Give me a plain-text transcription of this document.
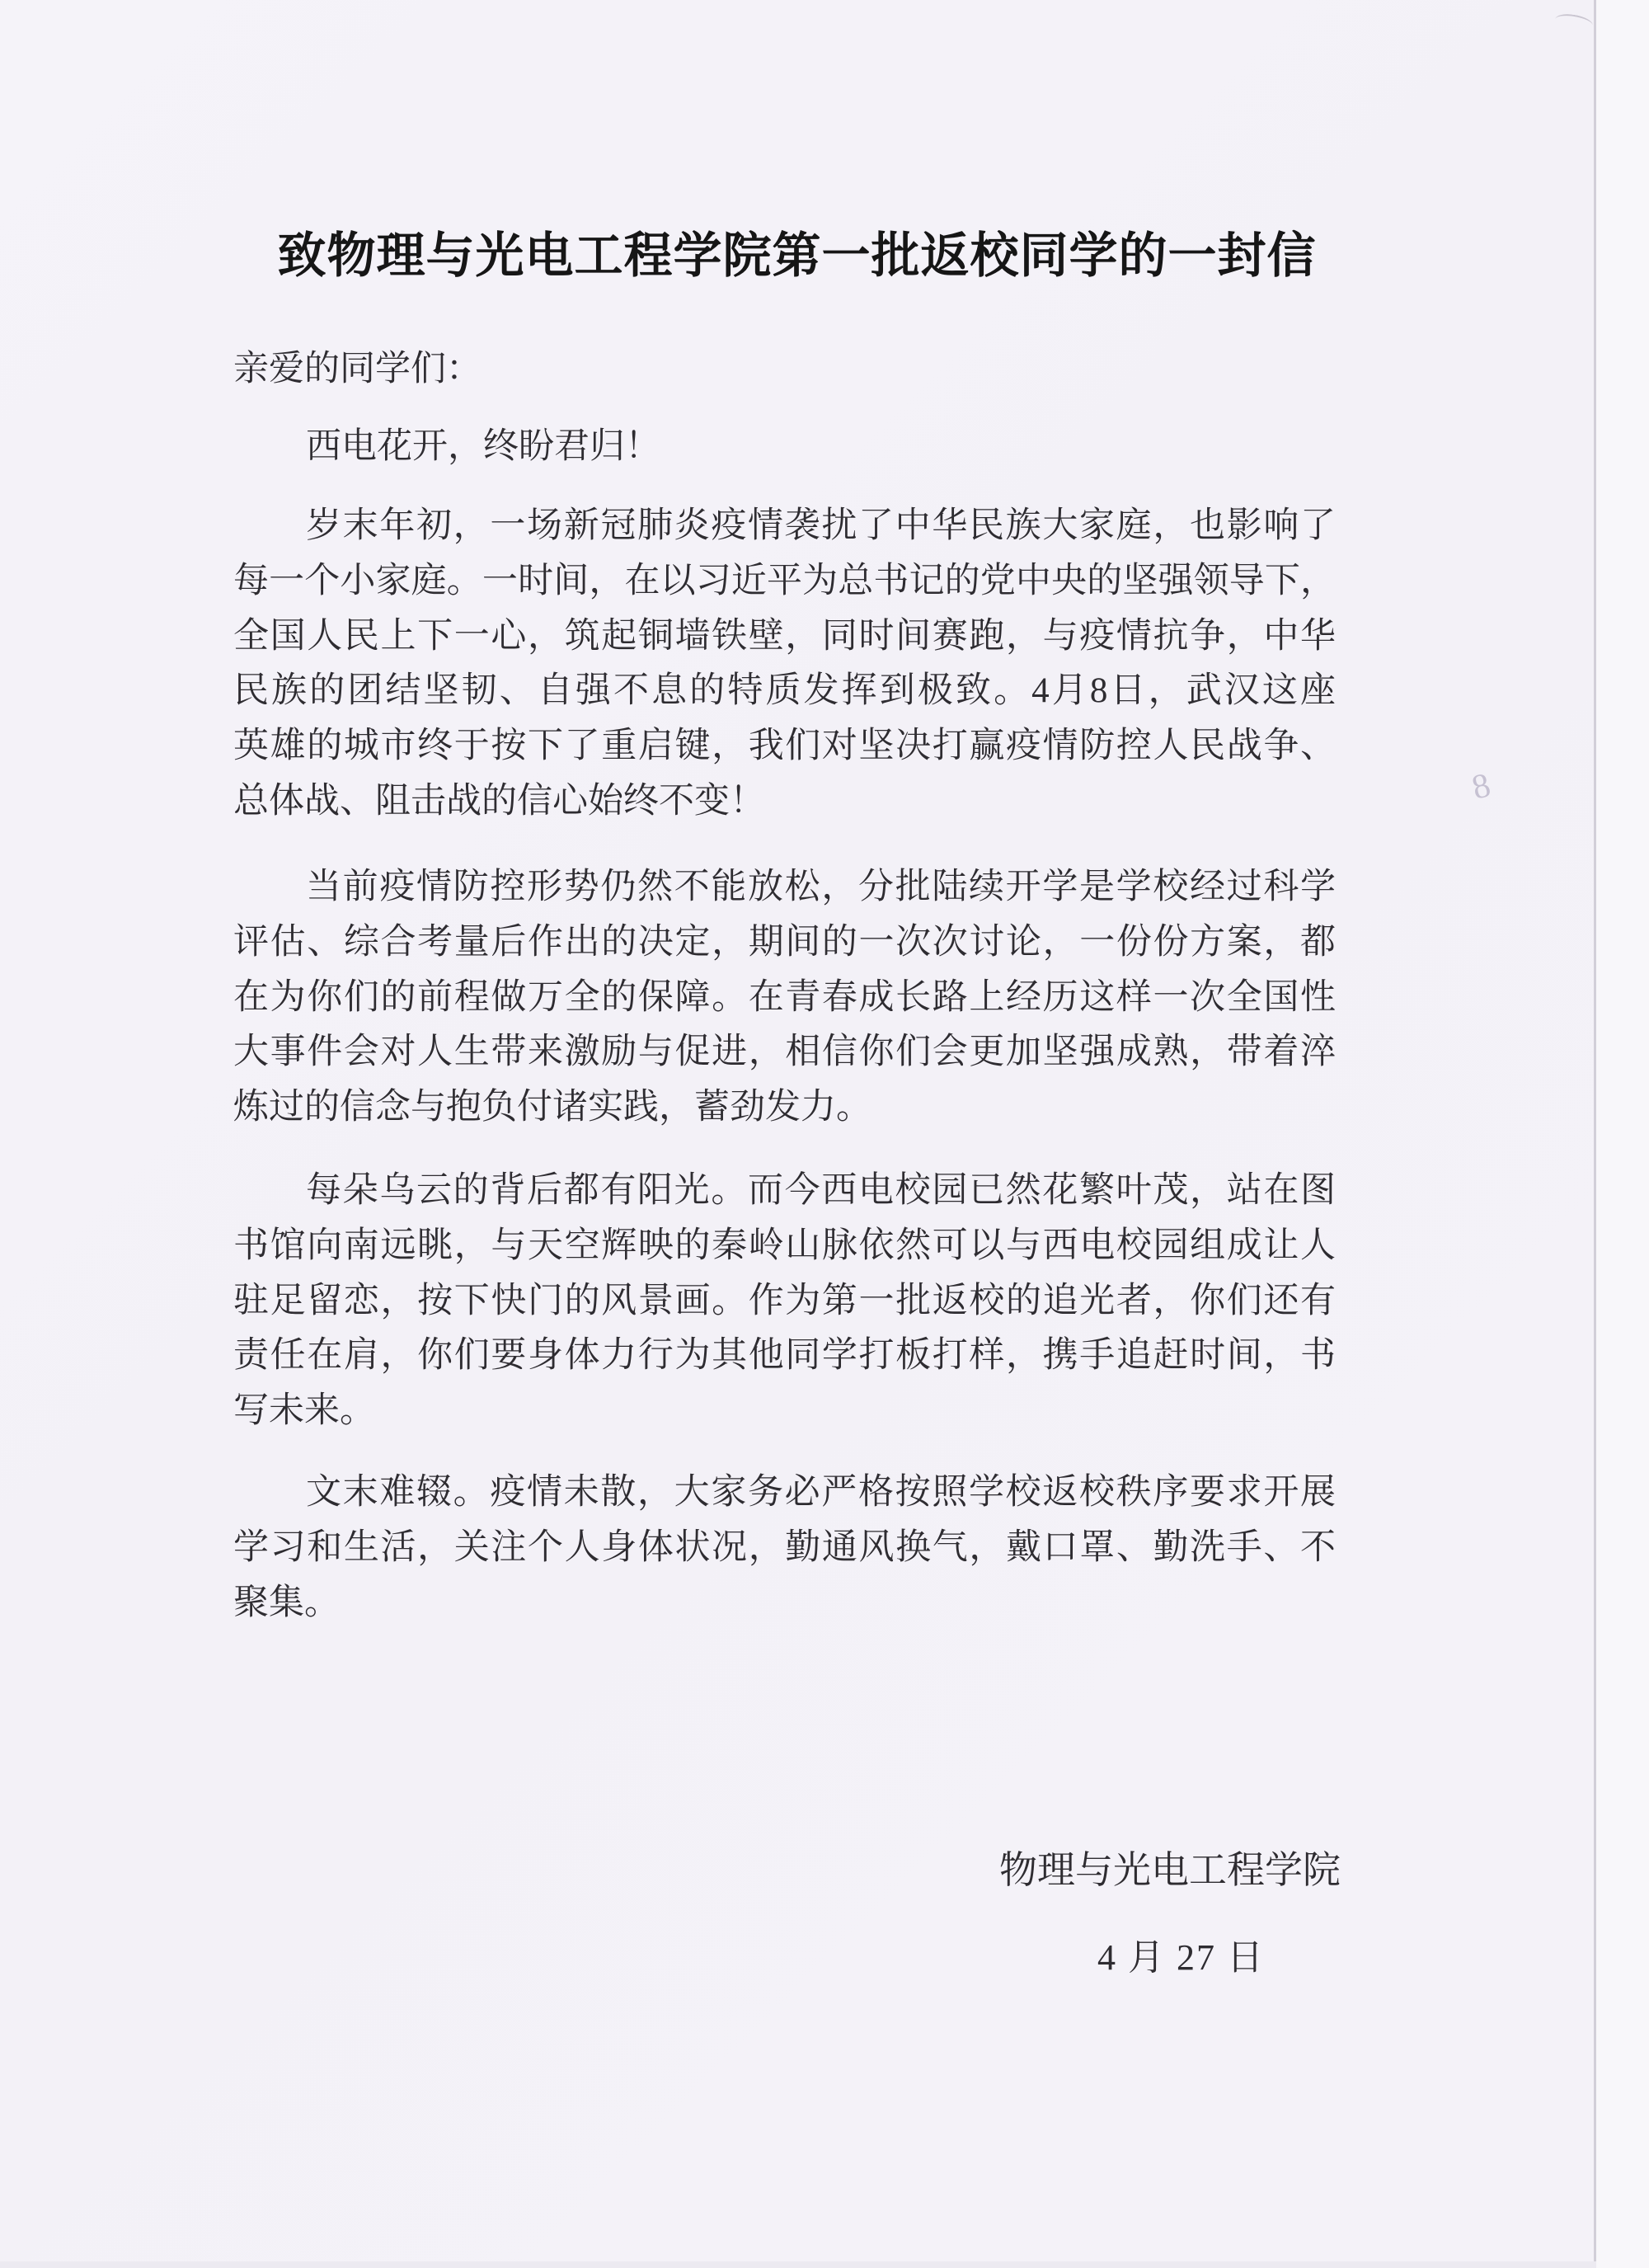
致物理与光电工程学院第一批返校同学的一封信
亲爱的同学们：
西电花开，终盼君归！
岁末年初，一场新冠肺炎疫情袭扰了中华民族大家庭，也影响了
每一个小家庭。一时间，在以习近平为总书记的党中央的坚强领导下，
全国人民上下一心，筑起铜墙铁壁，同时间赛跑，与疫情抗争，中华
民族的团结坚韧、自强不息的特质发挥到极致。4月8日，武汉这座
英雄的城市终于按下了重启键，我们对坚决打赢疫情防控人民战争、
总体战、阻击战的信心始终不变！
当前疫情防控形势仍然不能放松，分批陆续开学是学校经过科学
评估、综合考量后作出的决定，期间的一次次讨论，一份份方案，都
在为你们的前程做万全的保障。在青春成长路上经历这样一次全国性
大事件会对人生带来激励与促进，相信你们会更加坚强成熟，带着淬
炼过的信念与抱负付诸实践，蓄劲发力。
每朵乌云的背后都有阳光。而今西电校园已然花繁叶茂，站在图
书馆向南远眺，与天空辉映的秦岭山脉依然可以与西电校园组成让人
驻足留恋，按下快门的风景画。作为第一批返校的追光者，你们还有
责任在肩，你们要身体力行为其他同学打板打样，携手追赶时间，书
写未来。
文末难辍。疫情未散，大家务必严格按照学校返校秩序要求开展
学习和生活，关注个人身体状况，勤通风换气，戴口罩、勤洗手、不
聚集。
物理与光电工程学院
4 月 27 日
8
